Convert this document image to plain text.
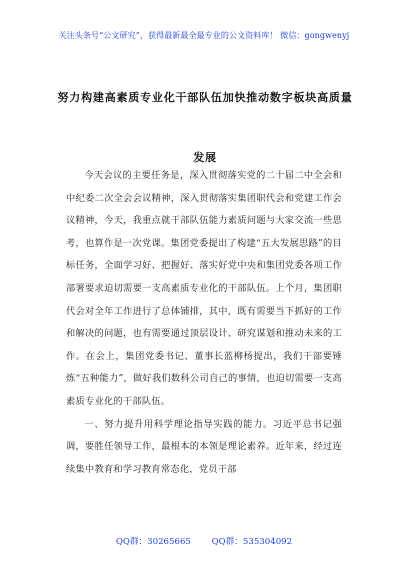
关注头条号“公文研究”，获得最新最全最专业的公文资料库！ 微信：gongwenyj
努力构建高素质专业化干部队伍加快推动数字板块高质量
发展

今天会议的主要任务是，深入贯彻落实党的二十届二中全会和中纪委二次全会会议精神，深入贯彻落实集团职代会和党建工作会议精神，今天，我重点就干部队伍能力素质问题与大家交流一些思考，也算作是一次党课。集团党委提出了构建“五大发展思路”的目标任务，全面学习好、把握好、落实好党中央和集团党委各项工作部署要求迫切需要一支高素质专业化的干部队伍。上个月，集团职代会对全年工作进行了总体铺排，其中，既有需要当下抓好的工作和解决的问题，也有需要通过顶层设计、研究谋划和推动未来的工作。在会上，集团党委书记、董事长蓝柳杨提出，我们干部要锤炼“五种能力”，做好我们数科公司自己的事情，也迫切需要一支高素质专业化的干部队伍。

一、努力提升用科学理论指导实践的能力。习近平总书记强调，要胜任领导工作，最根本的本领是理论素养。近年来，经过连续集中教育和学习教育常态化，党员干部

QQ群：30265665 QQ群：535304092
